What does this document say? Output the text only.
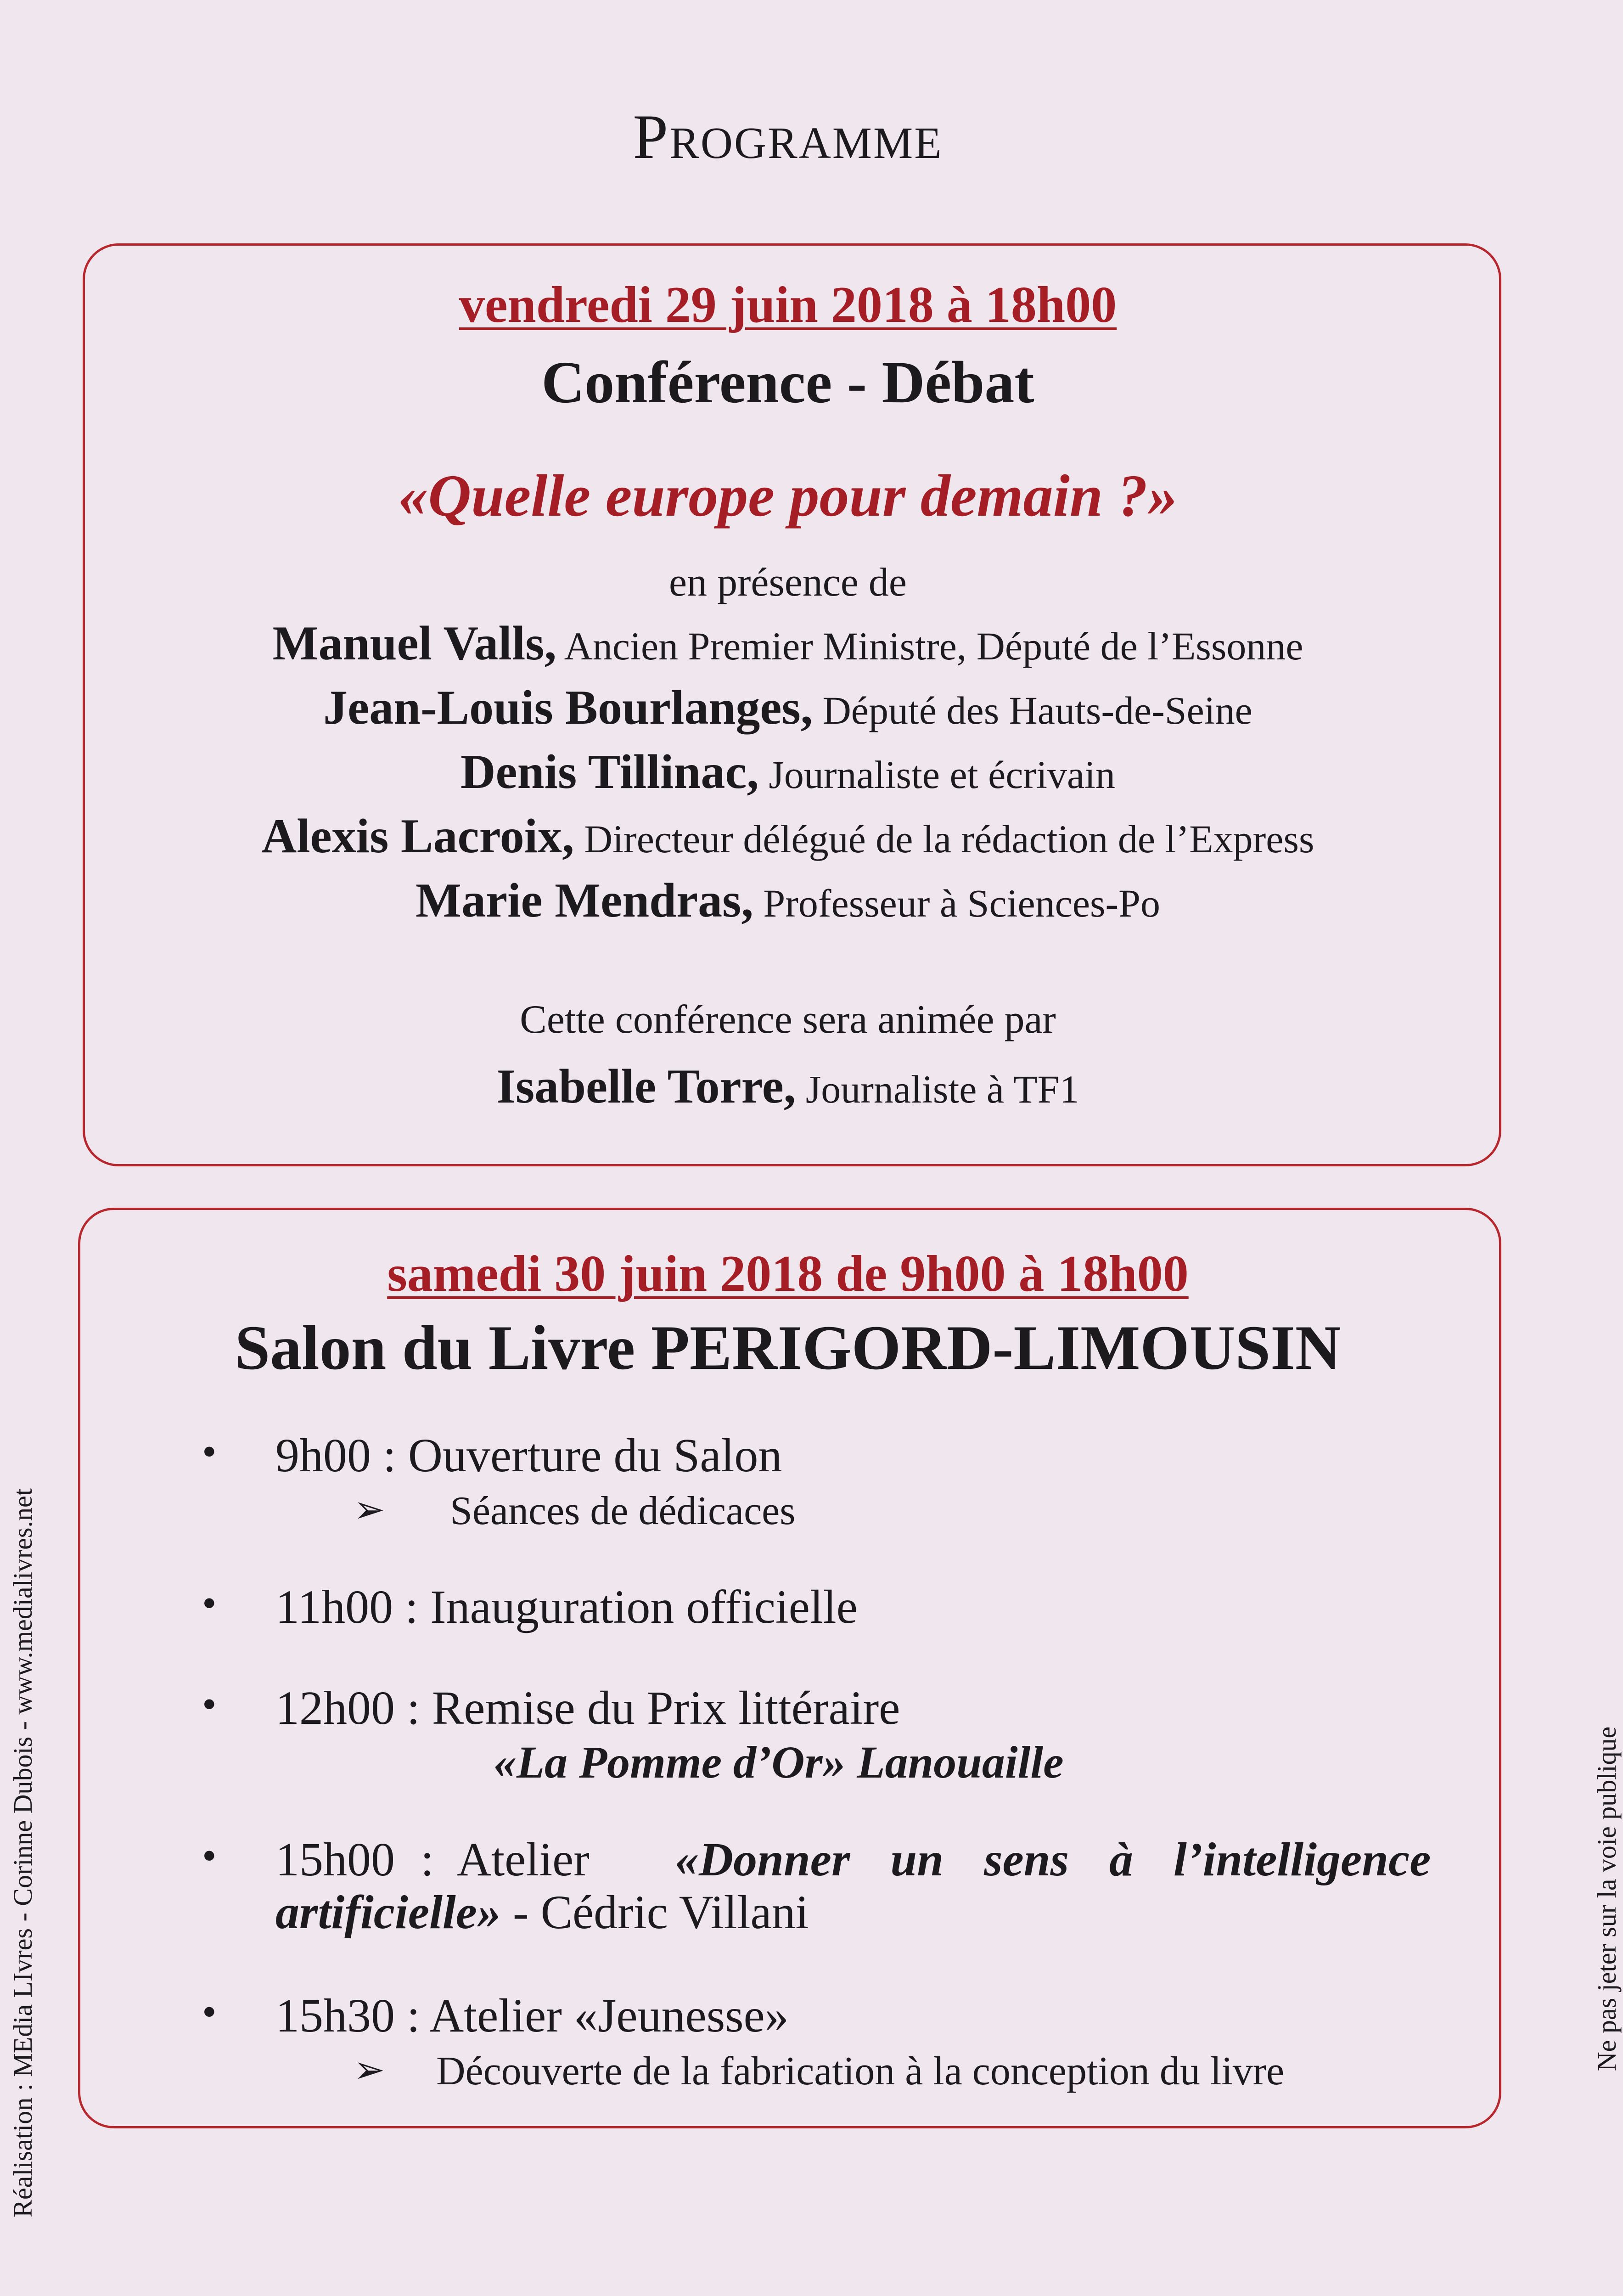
Programme
vendredi 29 juin 2018 à 18h00
Conférence - Débat
«Quelle europe pour demain ?»
en présence de
Manuel Valls, Ancien Premier Ministre, Député de l’Essonne
Jean-Louis Bourlanges, Député des Hauts-de-Seine
Denis Tillinac, Journaliste et écrivain
Alexis Lacroix, Directeur délégué de la rédaction de l’Express
Marie Mendras, Professeur à Sciences-Po
Cette conférence sera animée par
Isabelle Torre, Journaliste à TF1
samedi 30 juin 2018 de 9h00 à 18h00
Salon du Livre PERIGORD-LIMOUSIN
• 9h00 : Ouverture du Salon
➢ Séances de dédicaces
• 11h00 : Inauguration officielle
• 12h00 : Remise du Prix littéraire
«La Pomme d’Or» Lanouaille
• 15h00 : Atelier «Donner un sens à l’intelligence
artificielle» - Cédric Villani
• 15h30 : Atelier «Jeunesse»
➢ Découverte de la fabrication à la conception du livre
Réalisation : MEdia LIvres - Corinne Dubois - www.medialivres.net	Ne pas jeter sur la voie publique
